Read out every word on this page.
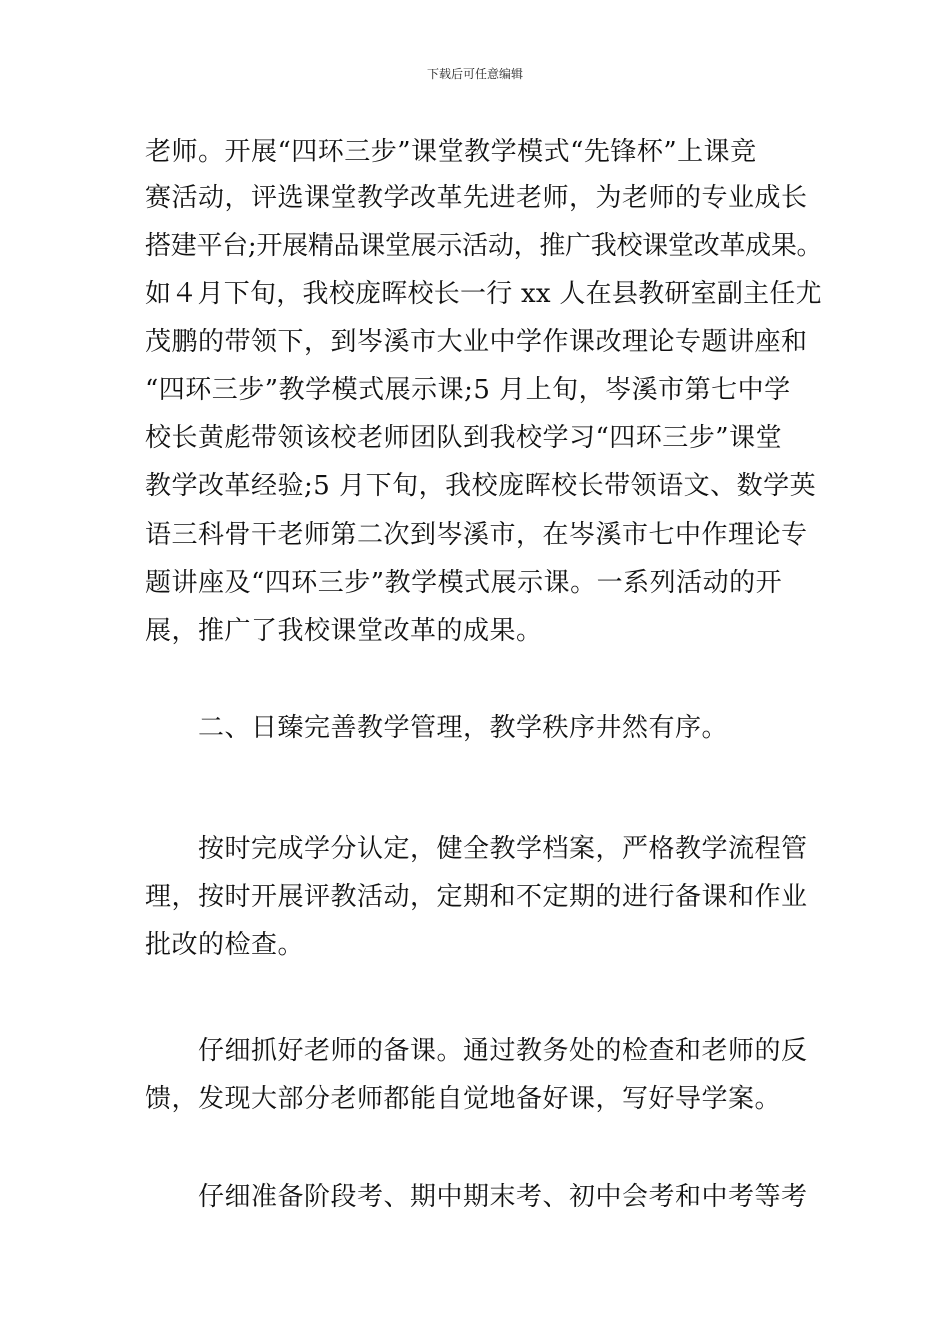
下载后可任意编辑
老师。开展“四环三步”课堂教学模式“先锋杯”上课竞
赛活动，评选课堂教学改革先进老师，为老师的专业成长
搭建平台;开展精品课堂展示活动，推广我校课堂改革成果。
如４月下旬，我校庞晖校长一行 xx 人在县教研室副主任尤
茂鹏的带领下，到岑溪市大业中学作课改理论专题讲座和
“四环三步”教学模式展示课;5 月上旬，岑溪市第七中学
校长黄彪带领该校老师团队到我校学习“四环三步”课堂
教学改革经验;5 月下旬，我校庞晖校长带领语文、数学英
语三科骨干老师第二次到岑溪市，在岑溪市七中作理论专
题讲座及“四环三步”教学模式展示课。一系列活动的开
展，推广了我校课堂改革的成果。
二、日臻完善教学管理，教学秩序井然有序。
按时完成学分认定，健全教学档案，严格教学流程管
理，按时开展评教活动，定期和不定期的进行备课和作业
批改的检查。
仔细抓好老师的备课。通过教务处的检查和老师的反
馈，发现大部分老师都能自觉地备好课，写好导学案。
仔细准备阶段考、期中期末考、初中会考和中考等考
